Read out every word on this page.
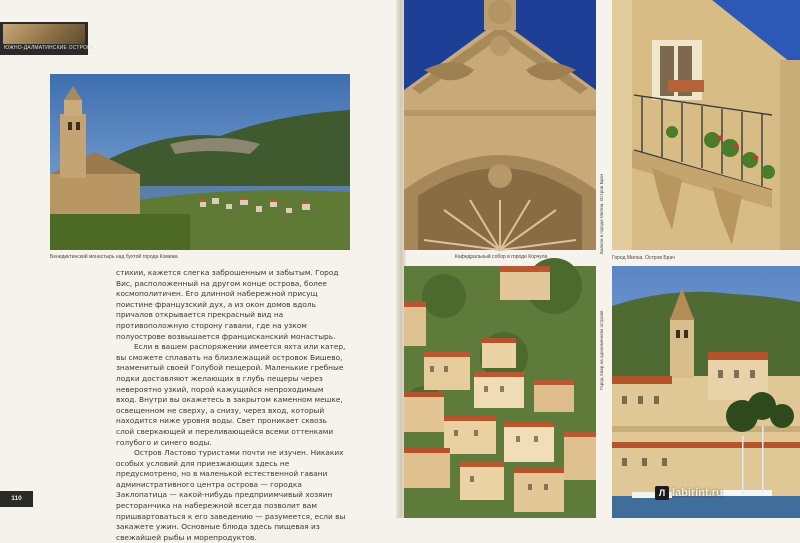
ЮЖНО-ДАЛМАТИНСКИЕ ОСТРОВА
Бенедиктинский монастырь над бухтой города Комижа

стихии, кажется слегка заброшенным и забытым. Город Вис, расположенный на другом конце острова, более космополитичен. Его длинной набережной присущ поистине французский дух, а из окон домов вдоль причалов открывается прекрасный вид на противоположную сторону гавани, где на узком полуострове возвышается францисканский монастырь.

Если в вашем распоряжении имеется яхта или катер, вы сможете сплавать на близлежащий островок Бишево, знаменитый своей Голубой пещерой. Маленькие гребные лодки доставляют желающих в глубь пещеры через невероятно узкий, порой кажущийся непроходимым вход. Внутри вы окажетесь в закрытом каменном мешке, освещенном не сверху, а снизу, через вход, который находится ниже уровня воды. Свет проникает сквозь слой сверкающей и переливающейся всеми оттенками голубого и синего воды.

Остров Ластово туристами почти не изучен. Никаких особых условий для приезжающих здесь не предусмотрено, но в маленькой естественной гавани административного центра острова — городка Заклопатица — какой-нибудь предприимчивый хозяин ресторанчика на набережной всегда позволит вам пришвартоваться к его заведению — разумеется, если вы закажете ужин. Основные блюда здесь пищевая из свежайшей рыбы и морепродуктов.

110
Кафедральный собор в городе Корчула
Балкон в городе Милна. Остров Брач
Город Хвар на одноименном острове
Город Милна. Остров Брач
Л labirint.ru
